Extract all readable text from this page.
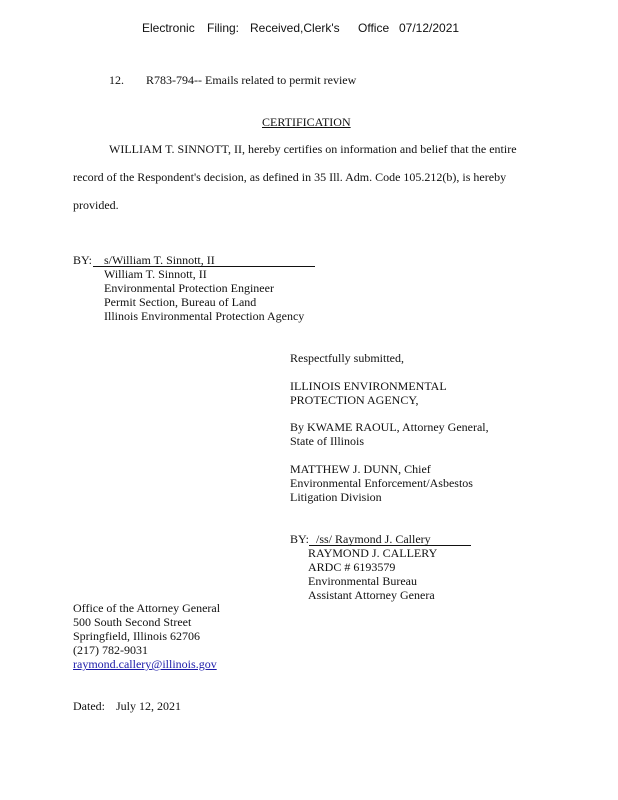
Electronic Filing: Received,Clerk's Office 07/12/2021
12. R783-794-- Emails related to permit review
CERTIFICATION
WILLIAM T. SINNOTT, II, hereby certifies on information and belief that the entire
record of the Respondent's decision, as defined in 35 Ill. Adm. Code 105.212(b), is hereby
provided.
BY: s/William T. Sinnott, II
William T. Sinnott, II
Environmental Protection Engineer
Permit Section, Bureau of Land
Illinois Environmental Protection Agency
Respectfully submitted,
ILLINOIS ENVIRONMENTAL
PROTECTION AGENCY,
By KWAME RAOUL, Attorney General,
State of Illinois
MATTHEW J. DUNN, Chief
Environmental Enforcement/Asbestos
Litigation Division
BY: /ss/ Raymond J. Callery
RAYMOND J. CALLERY
ARDC # 6193579
Environmental Bureau
Assistant Attorney Genera
Office of the Attorney General
500 South Second Street
Springfield, Illinois 62706
(217) 782-9031
raymond.callery@illinois.gov
Dated: July 12, 2021
